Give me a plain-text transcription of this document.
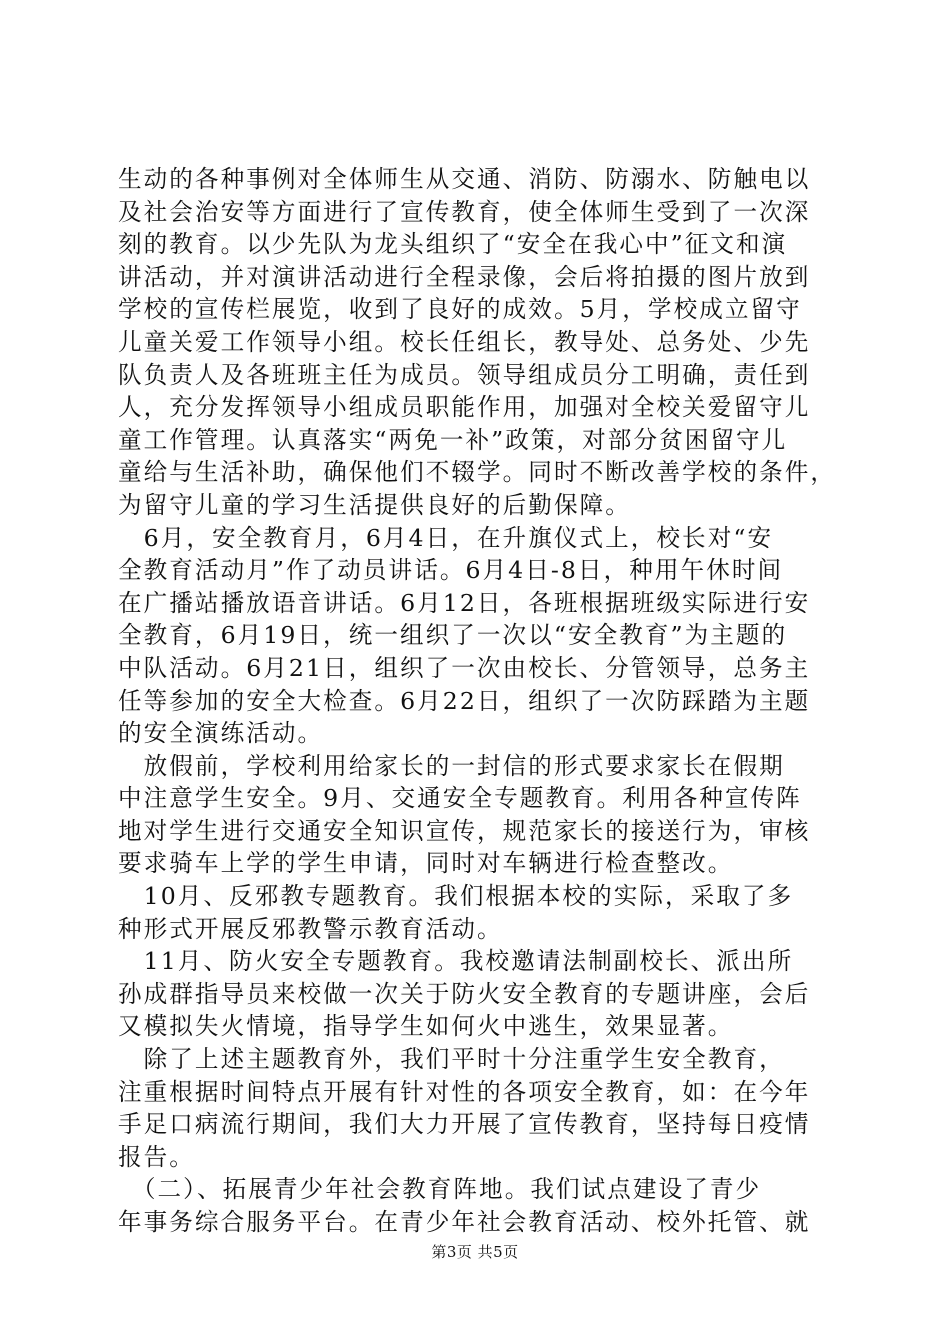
生动的各种事例对全体师生从交通、消防、防溺水、防触电以
及社会治安等方面进行了宣传教育，使全体师生受到了一次深
刻的教育。以少先队为龙头组织了“安全在我心中”征文和演
讲活动，并对演讲活动进行全程录像，会后将拍摄的图片放到
学校的宣传栏展览，收到了良好的成效。5月，学校成立留守
儿童关爱工作领导小组。校长任组长，教导处、总务处、少先
队负责人及各班班主任为成员。领导组成员分工明确，责任到
人，充分发挥领导小组成员职能作用，加强对全校关爱留守儿
童工作管理。认真落实“两免一补”政策，对部分贫困留守儿
童给与生活补助，确保他们不辍学。同时不断改善学校的条件，
为留守儿童的学习生活提供良好的后勤保障。
　6月，安全教育月，6月4日，在升旗仪式上，校长对“安
全教育活动月”作了动员讲话。6月4日-8日，种用午休时间
在广播站播放语音讲话。6月12日，各班根据班级实际进行安
全教育，6月19日，统一组织了一次以“安全教育”为主题的
中队活动。6月21日，组织了一次由校长、分管领导，总务主
任等参加的安全大检查。6月22日，组织了一次防踩踏为主题
的安全演练活动。
　放假前，学校利用给家长的一封信的形式要求家长在假期
中注意学生安全。9月、交通安全专题教育。利用各种宣传阵
地对学生进行交通安全知识宣传，规范家长的接送行为，审核
要求骑车上学的学生申请，同时对车辆进行检查整改。
　10月、反邪教专题教育。我们根据本校的实际，采取了多
种形式开展反邪教警示教育活动。
　11月、防火安全专题教育。我校邀请法制副校长、派出所
孙成群指导员来校做一次关于防火安全教育的专题讲座，会后
又模拟失火情境，指导学生如何火中逃生，效果显著。
　除了上述主题教育外，我们平时十分注重学生安全教育，
注重根据时间特点开展有针对性的各项安全教育，如：在今年
手足口病流行期间，我们大力开展了宣传教育，坚持每日疫情
报告。
　（二）、拓展青少年社会教育阵地。我们试点建设了青少
年事务综合服务平台。在青少年社会教育活动、校外托管、就
第3页 共5页
